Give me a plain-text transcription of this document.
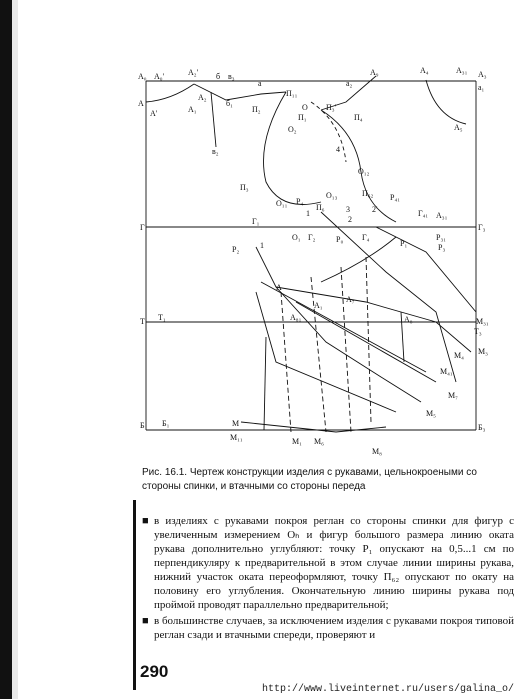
A₀ A₀'	A₂' б в₃
а	а₂
A₉	A₄	A₃₁ A₃
а₁
A
A'
A₂
A₁
б₁
в₂
П₁₁
П₂	O
П₁
П₃'
П₄
O₂	A₅
4
O₁₂
П₃
O₁₃	П₆₂ P₄₁
O₁₁ P₄
П₆
1	3	2'	Г₄₁ A₃₁
2
Г
Г₁
O₁ Г₂	Г₄
Г₃
P₀
P₂	1
P₃₁
P₃
P₁
Λ
A₇
A₁
A₈₁	A₈
Т Т₁
Т₃
M₃₁
M₃
M₄
M₄₁
M₇
M₅
Б Б₁	M
M₁₁	M₁ M₆
M₈
Б₃
Рис. 16.1. Чертеж конструкции изделия с рукавами, цельнокроеными со стороны спинки, и втачными со стороны переда

■ в изделиях с рукавами покроя реглан со стороны спинки для фигур с увеличенным измерением Oₕ и фигур большого размера линию оката рукава дополнительно углубляют: точку P₁ опускают на 0,5...1 см по перпендикуляру к предварительной в этом случае линии ширины рукава, нижний участок оката переоформляют, точку П₆₂ опускают по окату на половину его углубления. Окончательную линию ширины рукава под проймой проводят параллельно предварительной;

■ в большинстве случаев, за исключением изделия с рукавами покроя типовой реглан сзади и втачными спереди, проверяют и

290
http://www.liveinternet.ru/users/galina_o/
